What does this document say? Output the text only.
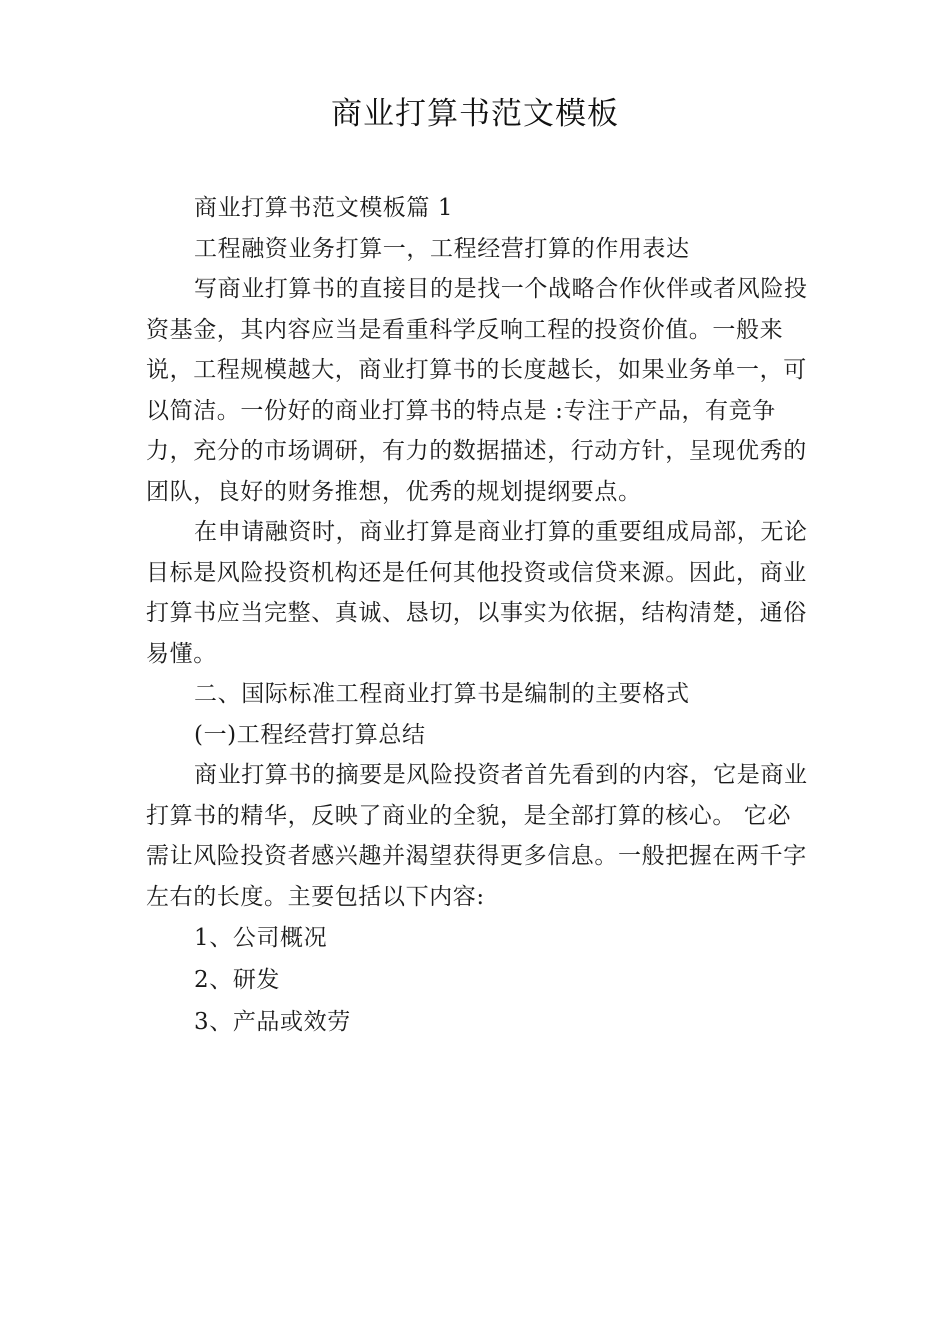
商业打算书范文模板

商业打算书范文模板篇 1

工程融资业务打算一，工程经营打算的作用表达

写商业打算书的直接目的是找一个战略合作伙伴或者风险投资基金，其内容应当是看重科学反响工程的投资价值。一般来说，工程规模越大，商业打算书的长度越长，如果业务单一，可以简洁。一份好的商业打算书的特点是 :专注于产品，有竞争力，充分的市场调研，有力的数据描述，行动方针，呈现优秀的团队，良好的财务推想，优秀的规划提纲要点。

在申请融资时，商业打算是商业打算的重要组成局部，无论目标是风险投资机构还是任何其他投资或信贷来源。因此，商业打算书应当完整、真诚、恳切，以事实为依据，结构清楚，通俗易懂。

二、国际标准工程商业打算书是编制的主要格式

(一)工程经营打算总结

商业打算书的摘要是风险投资者首先看到的内容，它是商业打算书的精华，反映了商业的全貌，是全部打算的核心。 它必需让风险投资者感兴趣并渴望获得更多信息。一般把握在两千字左右的长度。主要包括以下内容:

1、公司概况

2、研发

3、产品或效劳
